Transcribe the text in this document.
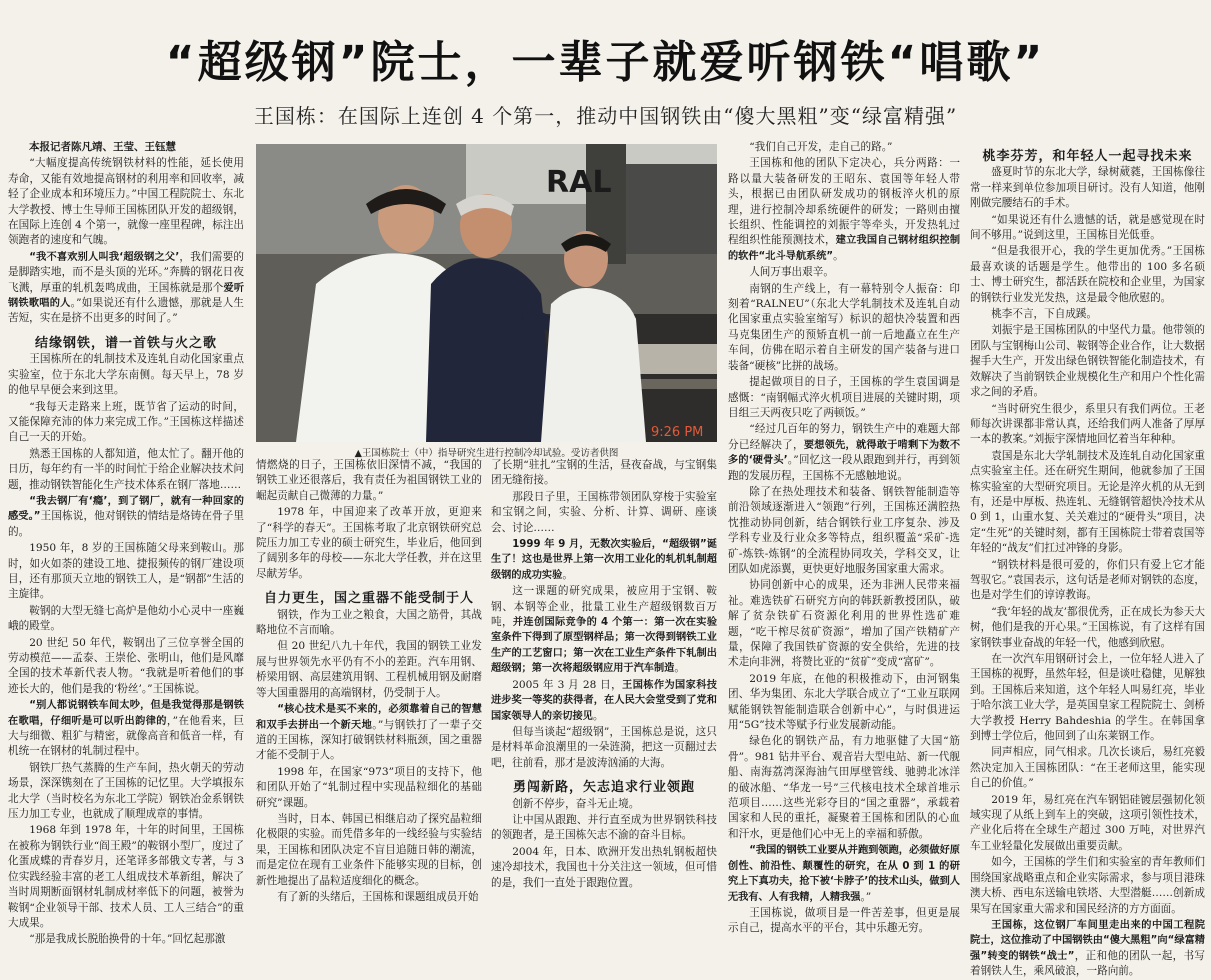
“超级钢”院士，一辈子就爱听钢铁“唱歌”
王国栋：在国际上连创 4 个第一，推动中国钢铁由“傻大黑粗”变“绿富精强”

本报记者陈凡靖、王莹、王钰慧

“大幅度提高传统钢铁材料的性能，延长使用寿命，又能有效地提高钢材的利用率和回收率，减轻了企业成本和环境压力。”中国工程院院士、东北大学教授、博士生导师王国栋团队开发的超级钢，在国际上连创 4 个第一，就像一座里程碑，标注出领跑者的速度和气魄。

“我不喜欢别人叫我‘超级钢之父’，我们需要的是脚踏实地，而不是头顶的光环。”奔腾的钢花日夜飞溅，厚重的轧机轰鸣成曲，王国栋就是那个爱听钢铁歌唱的人。”如果说还有什么遗憾，那就是人生苦短，实在是挤不出更多的时间了。”

结缘钢铁，谱一首铁与火之歌

王国栋所在的轧制技术及连轧自动化国家重点实验室，位于东北大学东南侧。每天早上，78 岁的他早早便会来到这里。

“我每天走路来上班，既节省了运动的时间，又能保障充沛的体力来完成工作。”王国栋这样描述自己一天的开始。

熟悉王国栋的人都知道，他太忙了。翻开他的日历，每年约有一半的时间忙于给企业解决技术问题，推动钢铁智能化生产技术体系在钢厂落地……

“我去钢厂有‘瘾’，到了钢厂，就有一种回家的感受。”王国栋说，他对钢铁的情结是烙铸在骨子里的。

1950 年，8 岁的王国栋随父母来到鞍山。那时，如火如荼的建设工地、捷报频传的钢厂建设项目，还有那顶天立地的钢铁工人，是“钢都”生活的主旋律。

鞍钢的大型无缝七高炉是他幼小心灵中一座巍峨的殿堂。

20 世纪 50 年代，鞍钢出了三位享誉全国的劳动模范——孟泰、王崇伦、张明山，他们是风靡全国的技术革新代表人物。“我就是听着他们的事迹长大的，他们是我的‘粉丝’。”王国栋说。

“别人都说钢铁车间太吵，但是我觉得那是钢铁在歌唱，仔细听是可以听出韵律的，”在他看来，巨大与细微、粗犷与精密，就像高音和低音一样，有机统一在钢材的轧制过程中。

钢铁厂热气蒸腾的生产车间，热火朝天的劳动场景，深深镌刻在了王国栋的记忆里。大学填报东北大学（当时校名为东北工学院）钢铁冶金系钢铁压力加工专业，也就成了顺理成章的事情。

1968 年到 1978 年，十年的时间里，王国栋在被称为钢铁行业“阎王殿”的鞍钢小型厂，度过了化蛋成蝶的青春岁月，还笔译多部俄文专著，与 3 位实践经验丰富的老工人组成技术革新组，解决了当时周期断面钢材轧制成材率低下的问题，被誉为鞍钢“企业领导干部、技术人员、工人三结合”的重大成果。

“那是我成长脱胎换骨的十年。”回忆起那激

RAL
9:26 PM
▲王国栋院士（中）指导研究生进行控制冷却试验。受访者供图

情燃烧的日子，王国栋依旧深情不减，“我国的钢铁工业还很落后，我有责任为祖国钢铁工业的崛起贡献自己微薄的力量。”

1978 年，中国迎来了改革开放，更迎来了“科学的春天”。王国栋考取了北京钢铁研究总院压力加工专业的硕士研究生，毕业后，他回到了阔别多年的母校——东北大学任教，并在这里尽献芳华。

自力更生，国之重器不能受制于人

钢铁，作为工业之粮食，大国之筋骨，其战略地位不言而喻。

但 20 世纪八九十年代，我国的钢铁工业发展与世界领先水平仍有不小的差距。汽车用钢、桥梁用钢、高层建筑用钢、工程机械用钢及耐磨等大国重器用的高端钢材，仍受制于人。

“核心技术是买不来的，必须靠着自己的智慧和双手去拼出一个新天地。”与钢铁打了一辈子交道的王国栋，深知打破钢铁材料瓶颈，国之重器才能不受制于人。

1998 年，在国家“973”项目的支持下，他和团队开始了“轧制过程中实现晶粒细化的基础研究”课题。

当时，日本、韩国已相继启动了探究晶粒细化极限的实验。而凭借多年的一线经验与实验结果，王国栋和团队决定不盲目追随日韩的潮流，而是定位在现有工业条件下能够实现的目标，创新性地提出了晶粒适度细化的概念。

有了新的头绪后，王国栋和课题组成员开始

了长期“驻扎”宝钢的生活，昼夜奋战，与宝钢集团无缝衔接。

那段日子里，王国栋带领团队穿梭于实验室和宝钢之间，实验、分析、计算、调研、座谈会、讨论……

1999 年 9 月，无数次实验后，“超级钢”诞生了！这也是世界上第一次用工业化的轧机轧制超级钢的成功实验。

这一课题的研究成果，被应用于宝钢、鞍钢、本钢等企业，批量工业生产超级钢数百万吨，并连创国际竞争的 4 个第一：第一次在实验室条件下得到了原型钢样品；第一次得到钢铁工业生产的工艺窗口；第一次在工业生产条件下轧制出超级钢；第一次将超级钢应用于汽车制造。

2005 年 3 月 28 日，王国栋作为国家科技进步奖一等奖的获得者，在人民大会堂受到了党和国家领导人的亲切接见。

但每当谈起“超级钢”，王国栋总是说，这只是材料革命浪潮里的一朵涟漪，把这一页翻过去吧，往前看，那才是波涛汹涌的大海。

勇闯新路，矢志追求行业领跑

创新不停步，奋斗无止境。

让中国从跟跑、并行直至成为世界钢铁科技的领跑者，是王国栋矢志不渝的奋斗目标。

2004 年，日本、欧洲开发出热轧钢板超快速冷却技术，我国也十分关注这一领域，但可惜的是，我们一直处于跟跑位置。

“我们自己开发，走自己的路。”

王国栋和他的团队下定决心，兵分两路：一路以量大装备研发的王昭东、袁国等年轻人带头，根据已由团队研发成功的钢板淬火机的原理，进行控制冷却系统硬件的研发；一路则由擅长组织、性能调控的刘振宇等牵头，开发热轧过程组织性能预测技术，建立我国自己钢材组织控制的软件“北斗导航系统”。

人间万事出艰辛。

南钢的生产线上，有一幕特别令人振奋：印刻着“RALNEU”（东北大学轧制技术及连轧自动化国家重点实验室缩写）标识的超快冷装置和西马克集团生产的预矫直机一前一后地矗立在生产车间，仿佛在昭示着自主研发的国产装备与进口装备“硬核”比拼的战场。

提起做项目的日子，王国栋的学生袁国调是感慨：“南钢幅式淬火机项目进展的关键时期，项目组三天两夜只吃了两顿饭。”

“经过几百年的努力，钢铁生产中的难题大部分已经解决了，要想领先，就得敢于啃剩下为数不多的‘硬骨头’。”回忆这一段从跟跑到并行，再到领跑的发展历程，王国栋不无感触地说。

除了在热处理技术和装备、钢铁智能制造等前沿领域逐渐进入“领跑”行列，王国栋还满腔热忱推动协同创新，结合钢铁行业工序复杂、涉及学科专业及行业众多等特点，组织覆盖“采矿-选矿-炼铁-炼钢”的全流程协同攻关，学科交叉，让团队如虎添翼，更快更好地服务国家重大需求。

协同创新中心的成果，还为非洲人民带来福祉。难选铁矿石研究方向的韩跃新教授团队，破解了贫杂铁矿石资源化利用的世界性选矿难题，“吃干榨尽贫矿资源”，增加了国产铁精矿产量，保障了我国铁矿资源的安全供给，先进的技术走向非洲，将赞比亚的“贫矿”变成“富矿”。

2019 年底，在他的积极推动下，由河钢集团、华为集团、东北大学联合成立了“工业互联网赋能钢铁智能制造联合创新中心”，与时俱进运用“5G”技术等赋予行业发展新动能。

绿色化的钢铁产品，有力地驱健了大国“筋骨”。981 钻井平台、观音岩大型电站、新一代舰船、南海荔湾深海油气田厚壁管线、驰骋北冰洋的破冰船、“华龙一号”三代核电技术全球首堆示范项目……这些光彩夺目的“国之重器”，承载着国家和人民的重托，凝聚着王国栋和团队的心血和汗水，更是他们心中无上的幸福和骄傲。

“我国的钢铁工业要从并跑到领跑，必须做好原创性、前沿性、颠覆性的研究，在从 0 到 1 的研究上下真功夫，抢下被‘卡脖子’的技术山头，做到人无我有、人有我精，人精我强。”

王国栋说，做项目是一件苦差事，但更是展示自己，提高水平的平台，其中乐趣无穷。

桃李芬芳，和年轻人一起寻找未来

盛夏时节的东北大学，绿树葳蕤，王国栋像往常一样来到单位参加项目研讨。没有人知道，他刚刚做完腰结石的手术。

“如果说还有什么遗憾的话，就是感觉现在时间不够用。”说到这里，王国栋目光低垂。

“但是我很开心，我的学生更加优秀。”王国栋最喜欢谈的话题是学生。他带出的 100 多名硕士、博士研究生，都活跃在院校和企业里，为国家的钢铁行业发光发热，这是最令他欣慰的。

桃李不言，下自成蹊。

刘振宇是王国栋团队的中坚代力量。他带领的团队与宝钢梅山公司、鞍钢等企业合作，让大数据握手大生产，开发出绿色钢铁智能化制造技术，有效解决了当前钢铁企业规模化生产和用户个性化需求之间的矛盾。

“当时研究生很少，系里只有我们两位。王老师每次讲课都非常认真，还给我们两人准备了厚厚一本的教案。”刘振宇深情地回忆着当年种种。

袁国是东北大学轧制技术及连轧自动化国家重点实验室主任。还在研究生期间，他就参加了王国栋实验室的大型研究项目。无论是淬火机的从无到有，还是中厚板、热连轧、无缝钢管超快冷技术从 0 到 1，山重水复、关关难过的“硬骨头”项目，决定“生死”的关键时刻，都有王国栋院士带着袁国等年轻的“战友”们扛过冲锋的身影。

“钢铁材料是很可爱的，你们只有爱上它才能驾驭它。”袁国表示，这句话是老师对钢铁的态度，也是对学生们的谆谆教诲。

“我‘年轻的战友’都很优秀，正在成长为参天大树，他们是我的开心果。”王国栋说，有了这样有国家钢铁事业奋战的年轻一代，他感到欣慰。

在一次汽车用钢研讨会上，一位年轻人进入了王国栋的视野，虽然年轻，但是谈吐稳健，见解独到。王国栋后来知道，这个年轻人叫易红亮，毕业于哈尔滨工业大学，是英国皇家工程院院士、剑桥大学教授 Herry Bahdeshia 的学生。在韩国拿到博士学位后，他回到了山东莱钢工作。

同声相应，同气相求。几次长谈后，易红亮毅然决定加入王国栋团队：“在王老师这里，能实现自己的价值。”

2019 年，易红亮在汽车钢铝硅镀层强韧化领域实现了从纸上到车上的突破，这项引领性技术，产业化后将在全球生产超过 300 万吨，对世界汽车工业轻量化发展做出重要贡献。

如今，王国栋的学生们和实验室的青年教师们围绕国家战略重点和企业实际需求，参与项目港珠澳大桥、西电东送输电铁塔、大型潜艇……创新成果写在国家重大需求和国民经济的方方面面。

王国栋，这位钢厂车间里走出来的中国工程院院士，这位推动了中国钢铁由“傻大黑粗”向“绿富精强”转变的钢铁“战士”，正和他的团队一起，书写着钢铁人生，乘风破浪，一路向前。
